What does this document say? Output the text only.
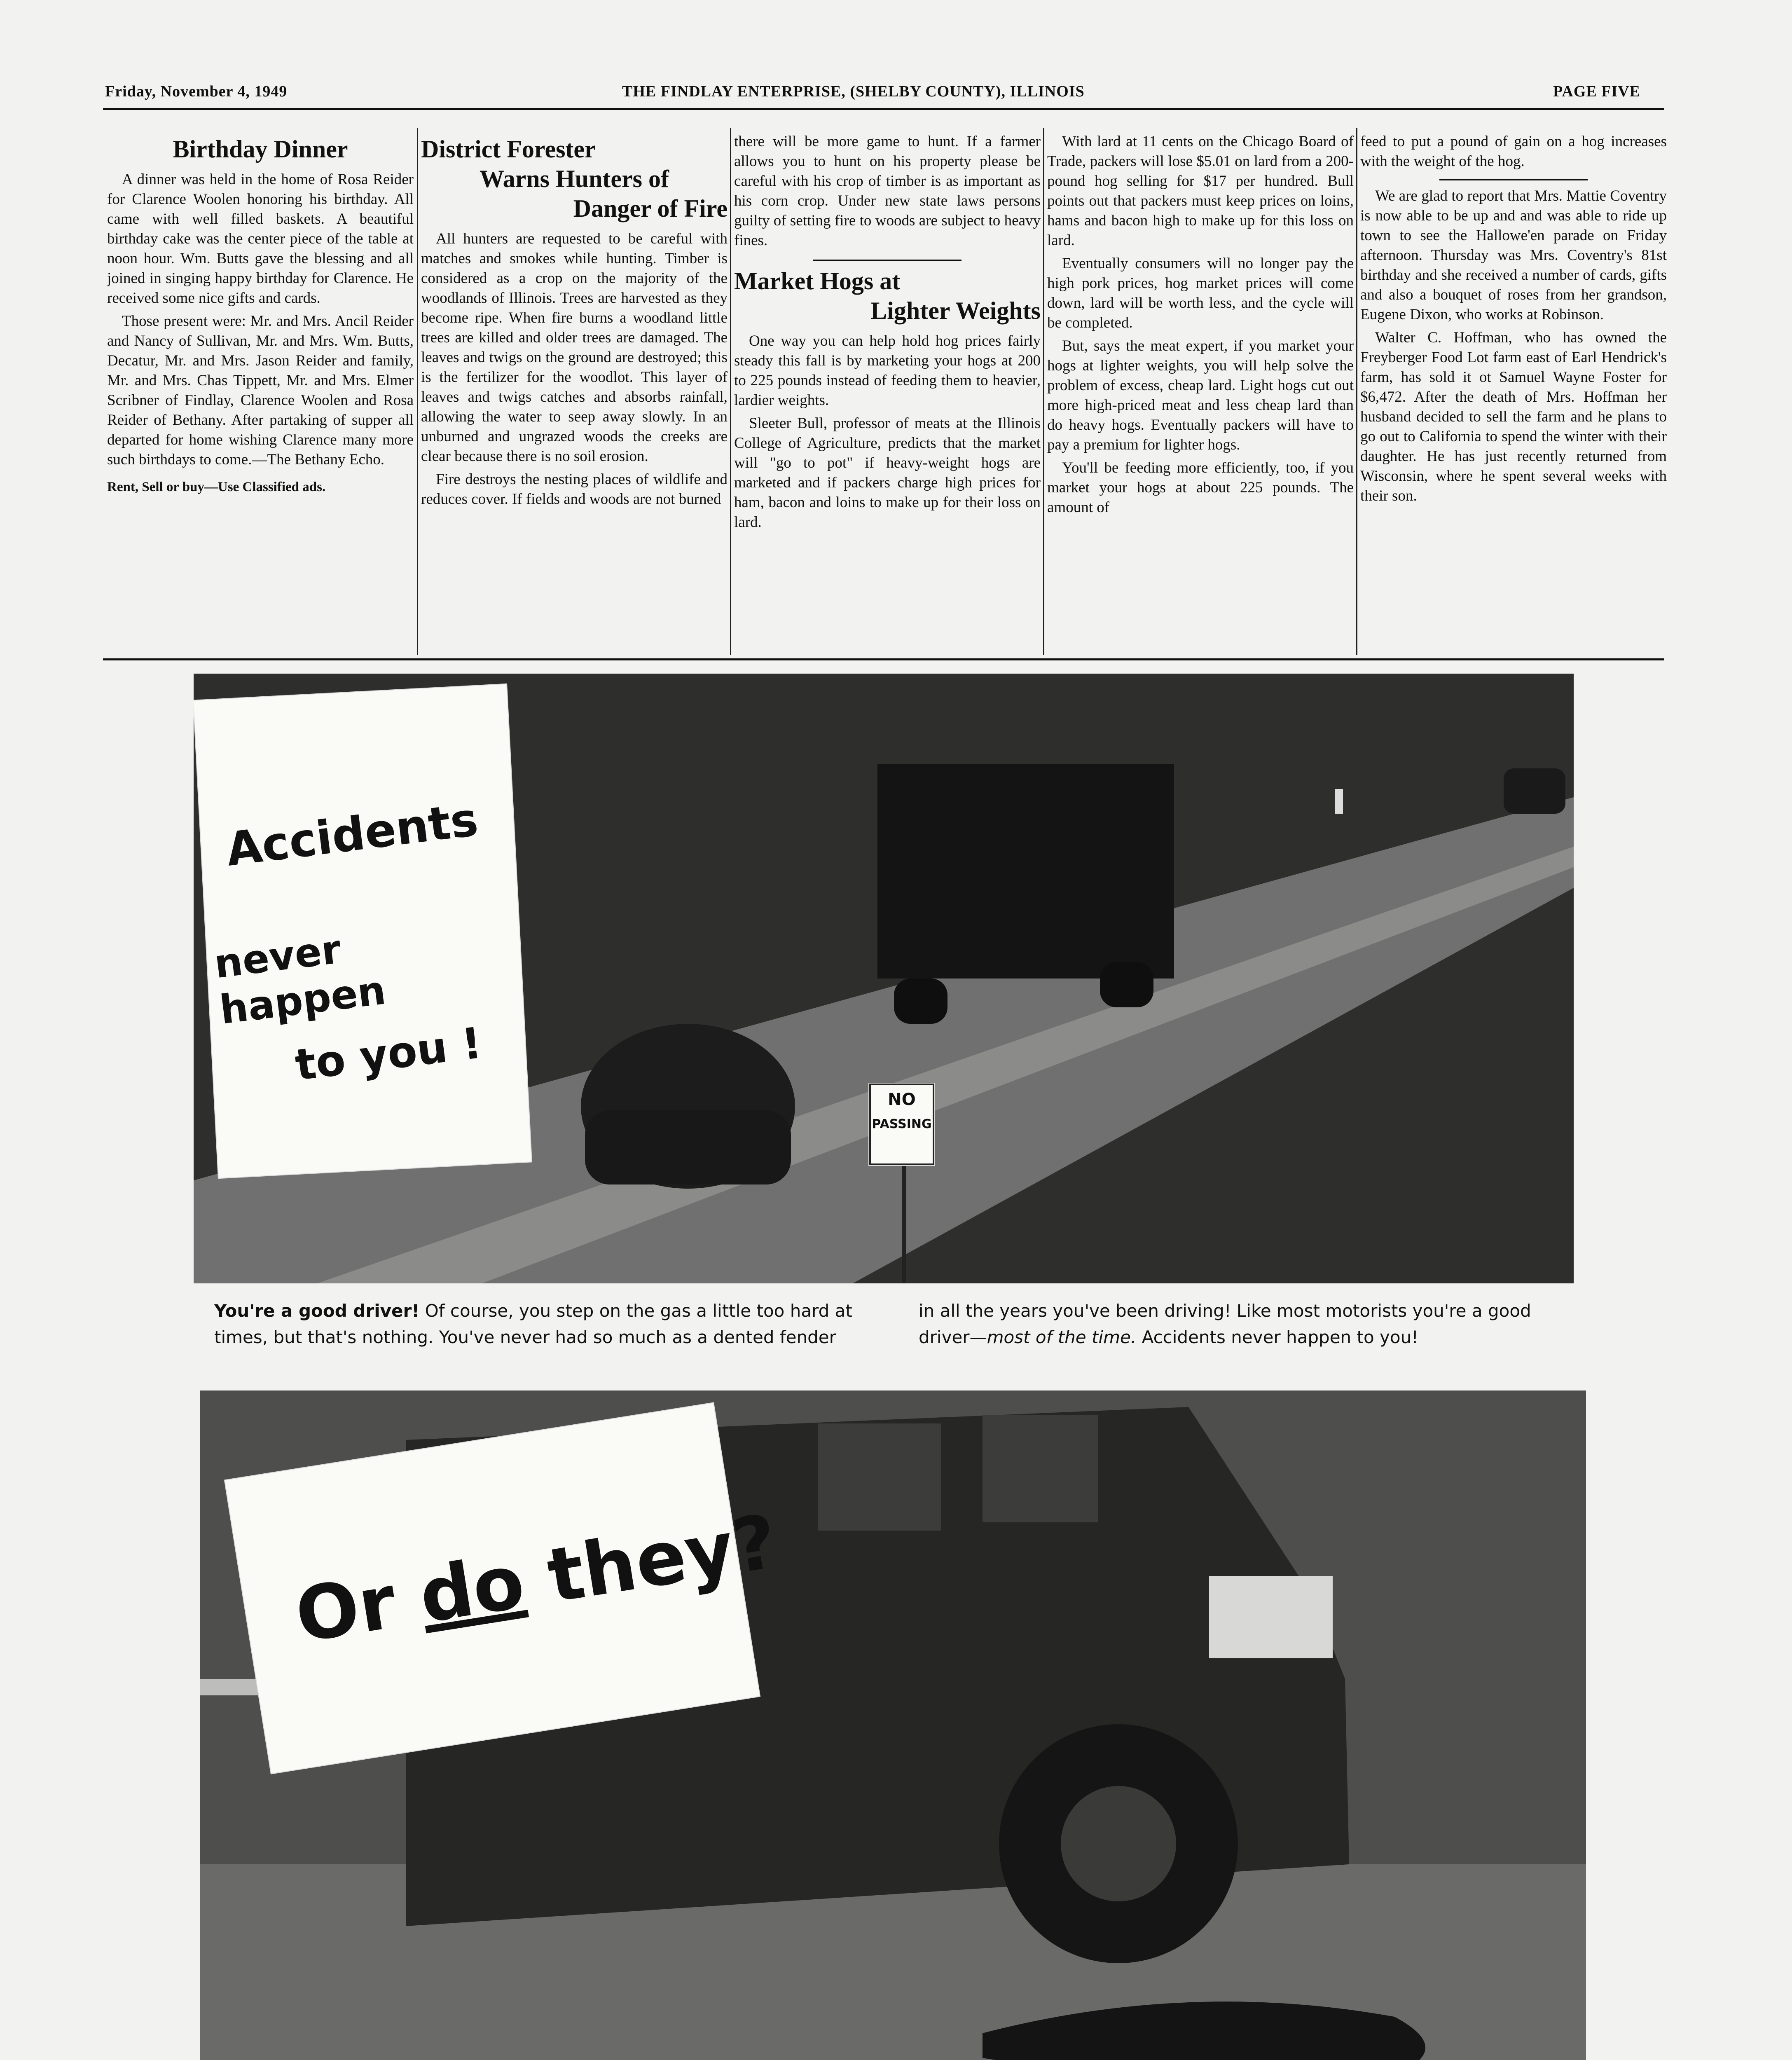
Friday, November 4, 1949	THE FINDLAY ENTERPRISE, (SHELBY COUNTY), ILLINOIS	PAGE FIVE
Birthday Dinner

A dinner was held in the home of Rosa Reider for Clarence Woolen honoring his birthday. All came with well filled baskets. A beautiful birthday cake was the center piece of the table at noon hour. Wm. Butts gave the blessing and all joined in singing happy birthday for Clarence. He received some nice gifts and cards.

Those present were: Mr. and Mrs. Ancil Reider and Nancy of Sullivan, Mr. and Mrs. Wm. Butts, Decatur, Mr. and Mrs. Jason Reider and family, Mr. and Mrs. Chas Tippett, Mr. and Mrs. Elmer Scribner of Findlay, Clarence Woolen and Rosa Reider of Bethany. After partaking of supper all departed for home wishing Clarence many more such birthdays to come.—The Bethany Echo.

Rent, Sell or buy—Use Classified ads.

District Forester
Warns Hunters of
Danger of Fire

All hunters are requested to be careful with matches and smokes while hunting. Timber is considered as a crop on the majority of the woodlands of Illinois. Trees are harvested as they become ripe. When fire burns a woodland little trees are killed and older trees are damaged. The leaves and twigs on the ground are destroyed; this is the fertilizer for the woodlot. This layer of leaves and twigs catches and absorbs rainfall, allowing the water to seep away slowly. In an unburned and ungrazed woods the creeks are clear because there is no soil erosion.

Fire destroys the nesting places of wildlife and reduces cover. If fields and woods are not burned

there will be more game to hunt. If a farmer allows you to hunt on his property please be careful with his crop of timber is as important as his corn crop. Under new state laws persons guilty of setting fire to woods are subject to heavy fines.

Market Hogs at
Lighter Weights

One way you can help hold hog prices fairly steady this fall is by marketing your hogs at 200 to 225 pounds instead of feeding them to heavier, lardier weights.

Sleeter Bull, professor of meats at the Illinois College of Agriculture, predicts that the market will "go to pot" if heavy-weight hogs are marketed and if packers charge high prices for ham, bacon and loins to make up for their loss on lard.

With lard at 11 cents on the Chicago Board of Trade, packers will lose $5.01 on lard from a 200-pound hog selling for $17 per hundred. Bull points out that packers must keep prices on loins, hams and bacon high to make up for this loss on lard.

Eventually consumers will no longer pay the high pork prices, hog market prices will come down, lard will be worth less, and the cycle will be completed.

But, says the meat expert, if you market your hogs at lighter weights, you will help solve the problem of excess, cheap lard. Light hogs cut out more high-priced meat and less cheap lard than do heavy hogs. Eventually packers will have to pay a premium for lighter hogs.

You'll be feeding more efficiently, too, if you market your hogs at about 225 pounds. The amount of

feed to put a pound of gain on a hog increases with the weight of the hog.

We are glad to report that Mrs. Mattie Coventry is now able to be up and and was able to ride up town to see the Hallowe'en parade on Friday afternoon. Thursday was Mrs. Coventry's 81st birthday and she received a number of cards, gifts and also a bouquet of roses from her grandson, Eugene Dixon, who works at Robinson.

Walter C. Hoffman, who has owned the Freyberger Food Lot farm east of Earl Hendrick's farm, has sold it ot Samuel Wayne Foster for $6,472. After the death of Mrs. Hoffman her husband decided to sell the farm and he plans to go out to California to spend the winter with their daughter. He has just recently returned from Wisconsin, where he spent several weeks with their son.

NO
PASSING
Accidents
never happen
to you !
You're a good driver! Of course, you step on the gas a little too hard at times, but that's nothing. You've never had so much as a dented fender
in all the years you've been driving! Like most motorists you're a good driver—most of the time. Accidents never happen to you!
Or do they?
